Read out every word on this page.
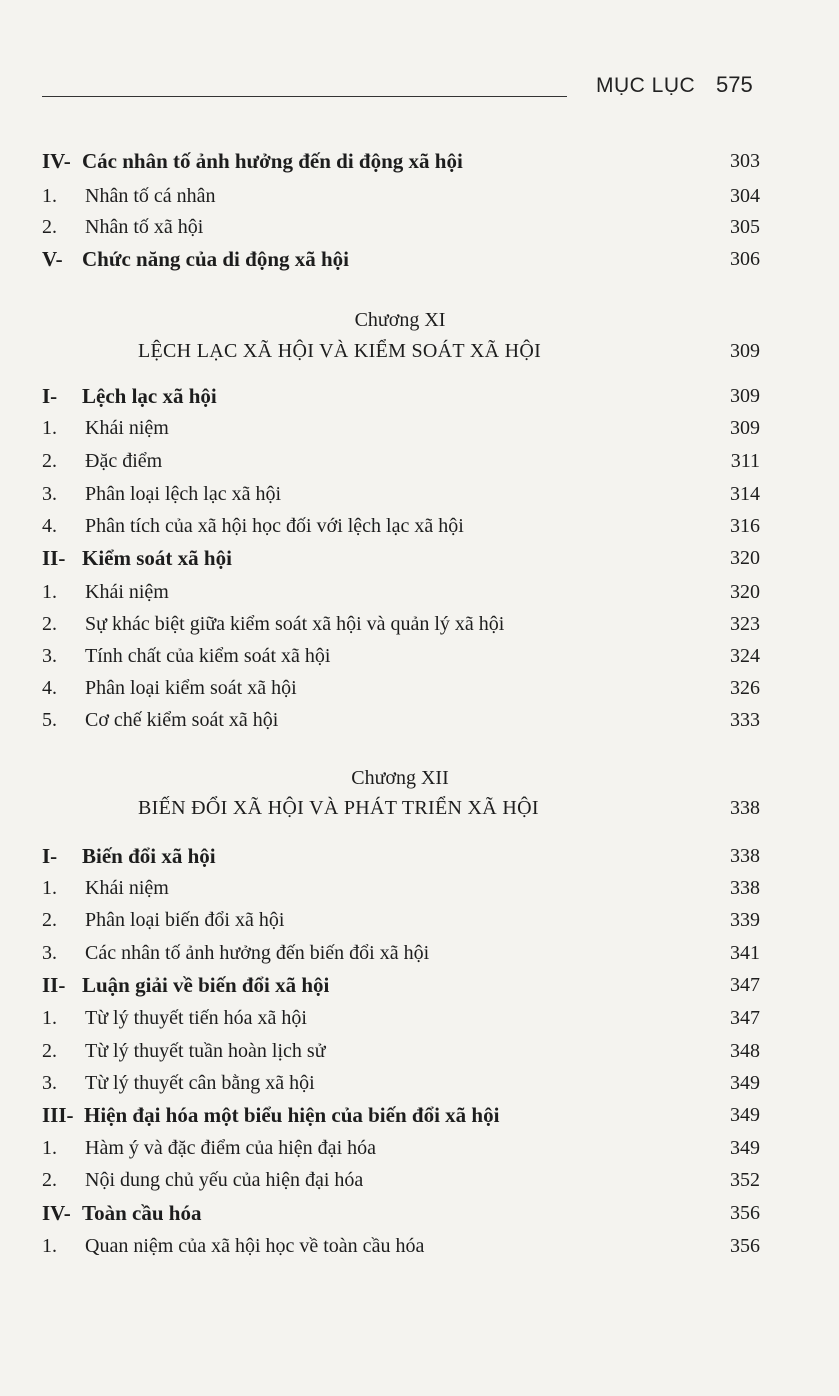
MỤC LỤC 575
IV- Các nhân tố ảnh hưởng đến di động xã hội	303
1. Nhân tố cá nhân	304
2. Nhân tố xã hội	305
V- Chức năng của di động xã hội	306
Chương XI
LỆCH LẠC XÃ HỘI VÀ KIỂM SOÁT XÃ HỘI	309
I- Lệch lạc xã hội	309
1. Khái niệm	309
2. Đặc điểm	311
3. Phân loại lệch lạc xã hội	314
4. Phân tích của xã hội học đối với lệch lạc xã hội	316
II- Kiểm soát xã hội	320
1. Khái niệm	320
2. Sự khác biệt giữa kiểm soát xã hội và quản lý xã hội	323
3. Tính chất của kiểm soát xã hội	324
4. Phân loại kiểm soát xã hội	326
5. Cơ chế kiểm soát xã hội	333
Chương XII
BIẾN ĐỔI XÃ HỘI VÀ PHÁT TRIỂN XÃ HỘI	338
I- Biến đổi xã hội	338
1. Khái niệm	338
2. Phân loại biến đổi xã hội	339
3. Các nhân tố ảnh hưởng đến biến đổi xã hội	341
II- Luận giải về biến đổi xã hội	347
1. Từ lý thuyết tiến hóa xã hội	347
2. Từ lý thuyết tuần hoàn lịch sử	348
3. Từ lý thuyết cân bằng xã hội	349
III- Hiện đại hóa một biểu hiện của biến đổi xã hội	349
1. Hàm ý và đặc điểm của hiện đại hóa	349
2. Nội dung chủ yếu của hiện đại hóa	352
IV- Toàn cầu hóa	356
1. Quan niệm của xã hội học về toàn cầu hóa	356
